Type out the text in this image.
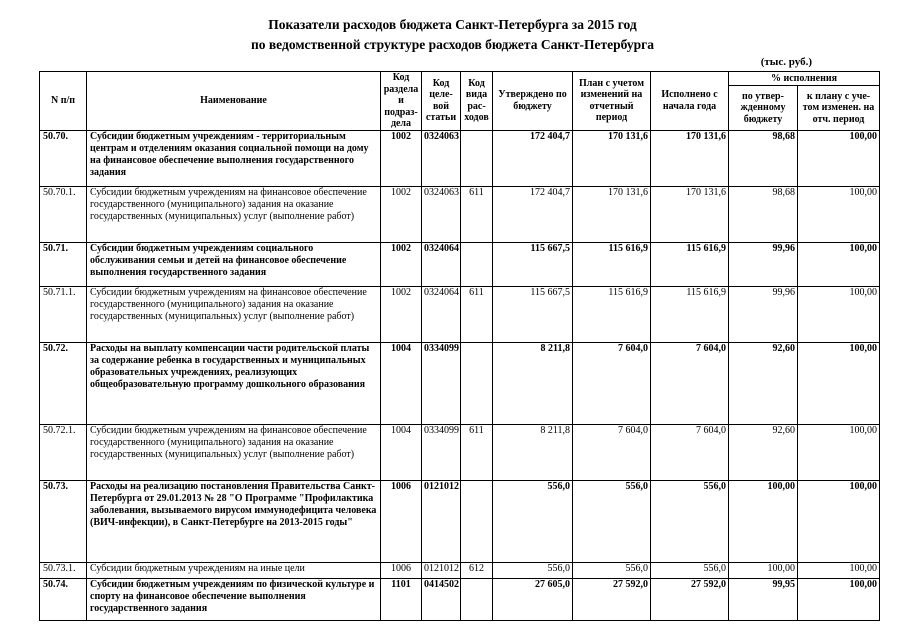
Показатели расходов бюджета Санкт-Петербурга за 2015 год
по ведомственной структуре расходов бюджета Санкт-Петербурга
(тыс. руб.)
N п/п	Наименование	Код раздела и подраз-дела	Код целе-вой статьи	Код вида рас-ходов	Утверждено по бюджету	План с учетом изменений на отчетный период	Исполнено с начала года	% исполнения	
								по утвер-жденному бюджету	к плану с уче-том изменен. на отч. период
50.70.	Субсидии бюджетным учреждениям - территориальным центрам и отделениям оказания социальной помощи на дому на финансовое обеспечение выполнения государственного задания	1002	0324063		172 404,7	170 131,6	170 131,6	98,68	100,00
50.70.1.	Субсидии бюджетным учреждениям на финансовое обеспечение государственного (муниципального) задания на оказание государственных (муниципальных) услуг (выполнение работ)	1002	0324063	611	172 404,7	170 131,6	170 131,6	98,68	100,00
50.71.	Субсидии бюджетным учреждениям социального обслуживания семьи и детей на финансовое обеспечение выполнения государственного задания	1002	0324064		115 667,5	115 616,9	115 616,9	99,96	100,00
50.71.1.	Субсидии бюджетным учреждениям на финансовое обеспечение государственного (муниципального) задания на оказание государственных (муниципальных) услуг (выполнение работ)	1002	0324064	611	115 667,5	115 616,9	115 616,9	99,96	100,00
50.72.	Расходы на выплату компенсации части родительской платы за содержание ребенка в государственных и муниципальных образовательных учреждениях, реализующих общеобразовательную программу дошкольного образования	1004	0334099		8 211,8	7 604,0	7 604,0	92,60	100,00
50.72.1.	Субсидии бюджетным учреждениям на финансовое обеспечение государственного (муниципального) задания на оказание государственных (муниципальных) услуг (выполнение работ)	1004	0334099	611	8 211,8	7 604,0	7 604,0	92,60	100,00
50.73.	Расходы на реализацию постановления Правительства Санкт-Петербурга от 29.01.2013 № 28 "О Программе "Профилактика заболевания, вызываемого вирусом иммунодефицита человека (ВИЧ-инфекции), в Санкт-Петербурге на 2013-2015 годы"	1006	0121012		556,0	556,0	556,0	100,00	100,00
50.73.1.	Субсидии бюджетным учреждениям на иные цели	1006	0121012	612	556,0	556,0	556,0	100,00	100,00
50.74.	Субсидии бюджетным учреждениям по физической культуре и спорту на финансовое обеспечение выполнения государственного задания	1101	0414502		27 605,0	27 592,0	27 592,0	99,95	100,00
